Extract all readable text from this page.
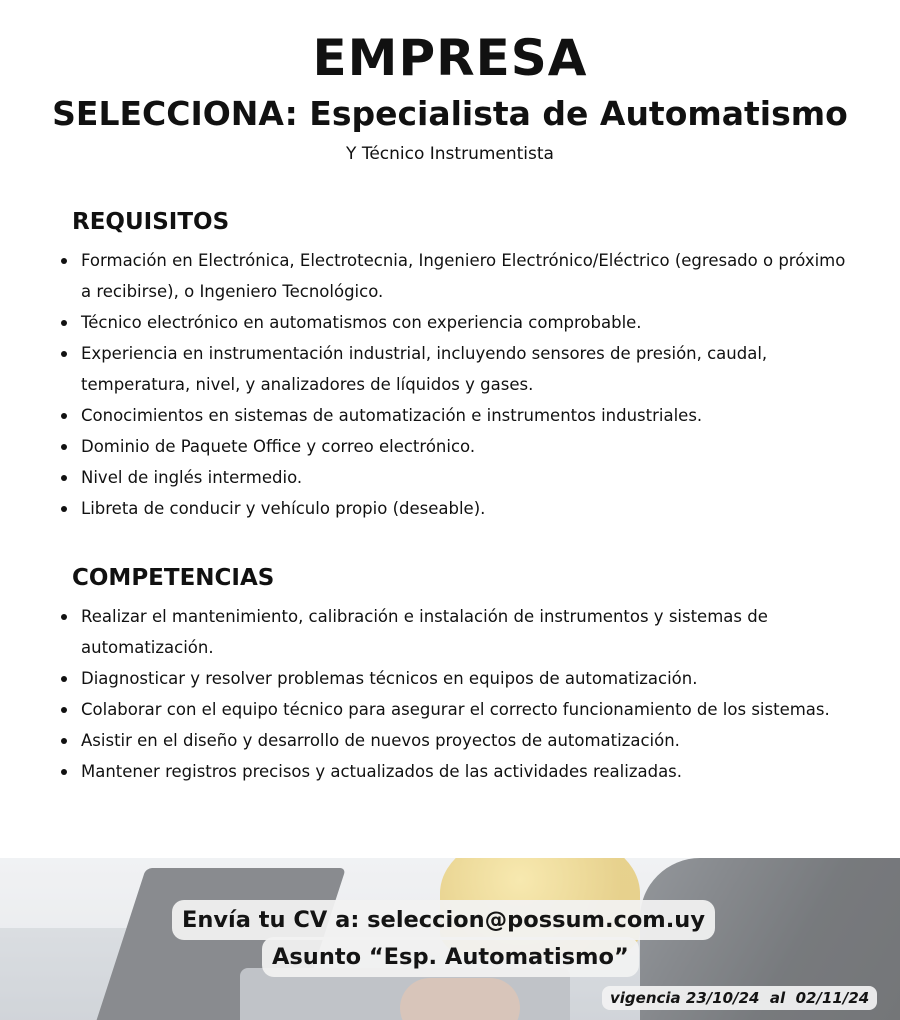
EMPRESA
SELECCIONA: Especialista de Automatismo
Y Técnico Instrumentista
REQUISITOS
Formación en Electrónica, Electrotecnia, Ingeniero Electrónico/Eléctrico (egresado o próximo a recibirse), o Ingeniero Tecnológico.
Técnico electrónico en automatismos con experiencia comprobable.
Experiencia en instrumentación industrial, incluyendo sensores de presión, caudal, temperatura, nivel, y analizadores de líquidos y gases.
Conocimientos en sistemas de automatización e instrumentos industriales.
Dominio de Paquete Office y correo electrónico.
Nivel de inglés intermedio.
Libreta de conducir y vehículo propio (deseable).
COMPETENCIAS
Realizar el mantenimiento, calibración e instalación de instrumentos y sistemas de automatización.
Diagnosticar y resolver problemas técnicos en equipos de automatización.
Colaborar con el equipo técnico para asegurar el correcto funcionamiento de los sistemas.
Asistir en el diseño y desarrollo de nuevos proyectos de automatización.
Mantener registros precisos y actualizados de las actividades realizadas.
Envía tu CV a: seleccion@possum.com.uy
Asunto “Esp. Automatismo”
vigencia 23/10/24  al  02/11/24
